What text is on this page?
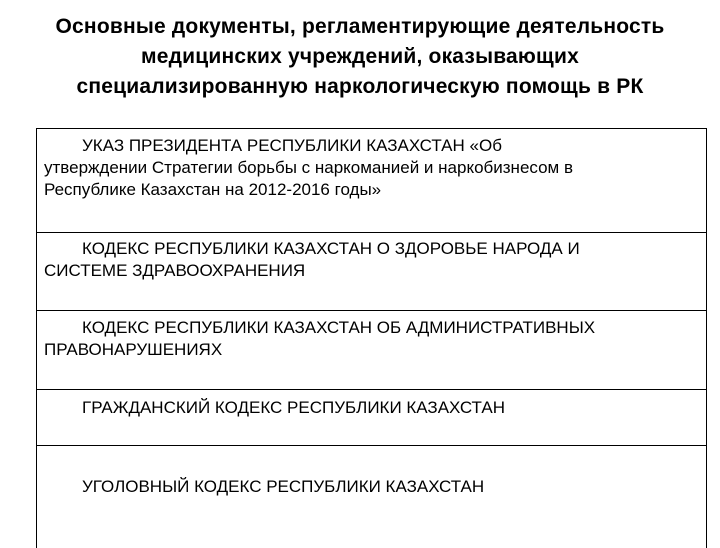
Основные документы, регламентирующие деятельность
медицинских учреждений, оказывающих
специализированную наркологическую помощь в РК
УКАЗ ПРЕЗИДЕНТА РЕСПУБЛИКИ КАЗАХСТАН «Об
утверждении Стратегии борьбы с наркоманией и наркобизнесом в
Республике Казахстан на 2012-2016 годы»
КОДЕКС РЕСПУБЛИКИ КАЗАХСТАН О ЗДОРОВЬЕ НАРОДА И
СИСТЕМЕ ЗДРАВООХРАНЕНИЯ
КОДЕКС РЕСПУБЛИКИ КАЗАХСТАН ОБ АДМИНИСТРАТИВНЫХ
ПРАВОНАРУШЕНИЯХ
ГРАЖДАНСКИЙ КОДЕКС РЕСПУБЛИКИ КАЗАХСТАН
УГОЛОВНЫЙ КОДЕКС РЕСПУБЛИКИ КАЗАХСТАН
